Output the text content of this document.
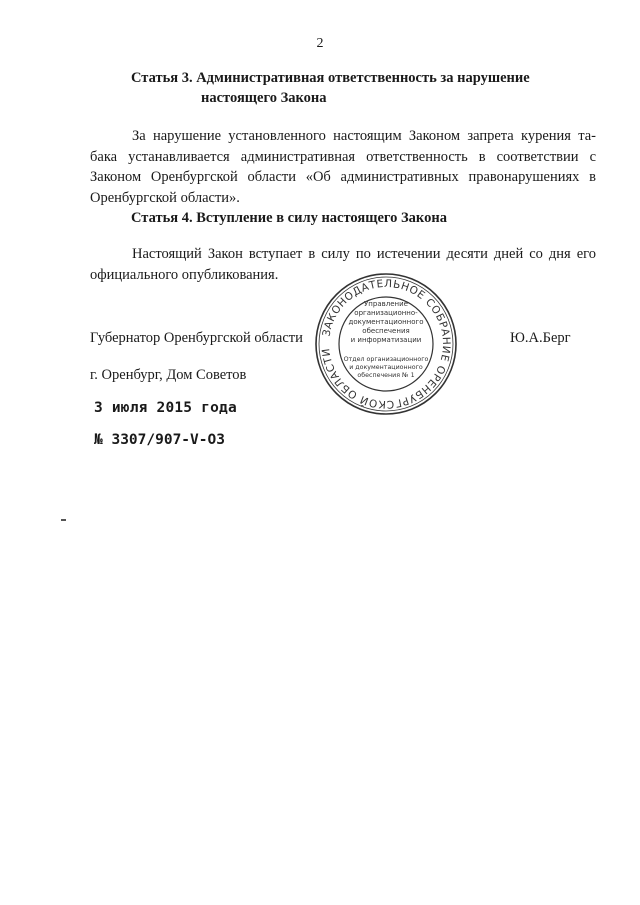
2
Статья 3. Административная ответственность за нарушение
настоящего Закона
За нарушение установленного настоящим Законом запрета курения та-
бака устанавливается административная ответственность в соответствии с
Законом Оренбургской области «Об административных правонарушениях в
Оренбургской области».
Статья 4. Вступление в силу настоящего Закона
Настоящий Закон вступает в силу по истечении десяти дней со дня его
официального опубликования.
Губернатор Оренбургской области	Ю.А.Берг
г. Оренбург, Дом Советов
3 июля 2015 года
№ 3307/907-V-ОЗ
ЗАКОНОДАТЕЛЬНОЕ СОБРАНИЕ ОРЕНБУРГСКОЙ ОБЛАСТИ
Управление
организационно-
документационного
обеспечения
и информатизации
Отдел организационного
и документационного
обеспечения № 1
